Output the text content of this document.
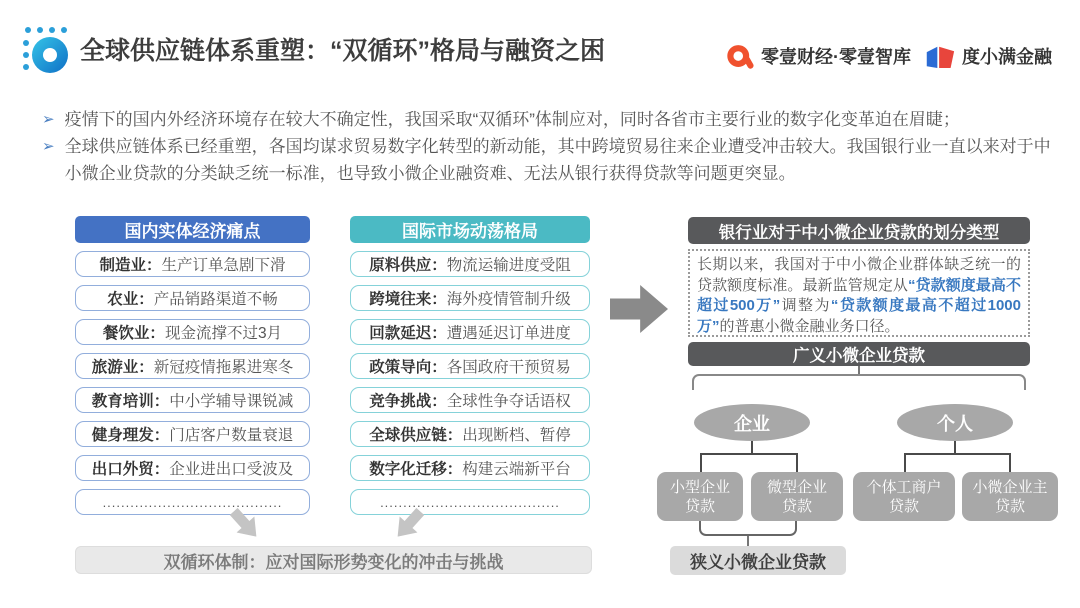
全球供应链体系重塑：“双循环”格局与融资之困	零壹财经·零壹智库	度小满金融
➢ 疫情下的国内外经济环境存在较大不确定性，我国采取“双循环”体制应对，同时各省市主要行业的数字化变革迫在眉睫；
➢ 全球供应链体系已经重塑，各国均谋求贸易数字化转型的新动能，其中跨境贸易往来企业遭受冲击较大。我国银行业一直以来对于中小微企业贷款的分类缺乏统一标准，也导致小微企业融资难、无法从银行获得贷款等问题更突显。
国内实体经济痛点
制造业： 生产订单急剧下滑
农业： 产品销路渠道不畅
餐饮业： 现金流撑不过3月
旅游业： 新冠疫情拖累进寒冬
教育培训： 中小学辅导课锐减
健身理发： 门店客户数量衰退
出口外贸： 企业进出口受波及
.......................................
国际市场动荡格局
原料供应： 物流运输进度受阻
跨境往来： 海外疫情管制升级
回款延迟： 遭遇延迟订单进度
政策导向： 各国政府干预贸易
竞争挑战： 全球性争夺话语权
全球供应链： 出现断档、暂停
数字化迁移： 构建云端新平台
.......................................
双循环体制：应对国际形势变化的冲击与挑战
银行业对于中小微企业贷款的划分类型
长期以来，我国对于中小微企业群体缺乏统一的贷款额度标准。最新监管规定从“贷款额度最高不超过500万”调整为“贷款额度最高不超过1000万”的普惠小微金融业务口径。
广义小微企业贷款
企业	个人
小型企业
贷款
微型企业
贷款
个体工商户
贷款
小微企业主
贷款
狭义小微企业贷款
